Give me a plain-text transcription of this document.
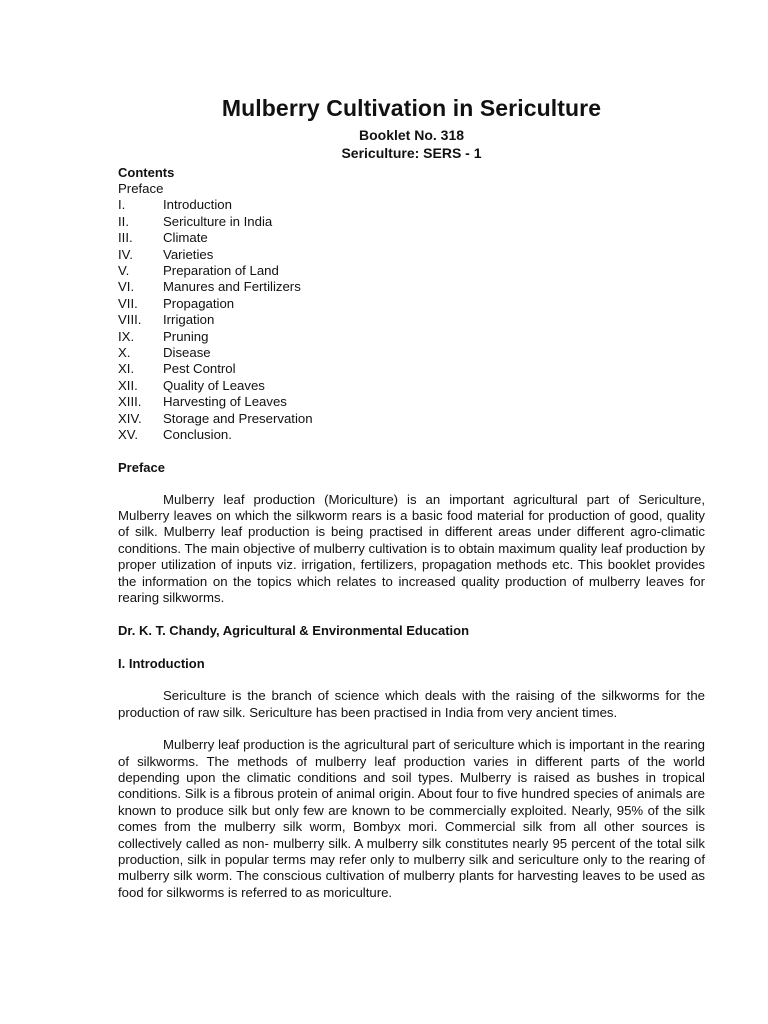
Mulberry Cultivation in Sericulture
Booklet No. 318
Sericulture: SERS - 1
Contents
Preface
I.	Introduction
II.	Sericulture in India
III.	Climate
IV.	Varieties
V.	Preparation of Land
VI.	Manures and Fertilizers
VII.	Propagation
VIII.	Irrigation
IX.	Pruning
X.	Disease
XI.	Pest Control
XII.	Quality of Leaves
XIII.	Harvesting of Leaves
XIV.	Storage and Preservation
XV.	Conclusion.
Preface

Mulberry leaf production (Moriculture) is an important agricultural part of Sericulture, Mulberry leaves on which the silkworm rears is a basic food material for production of good, quality of silk. Mulberry leaf production is being practised in different areas under different agro-climatic conditions. The main objective of mulberry cultivation is to obtain maximum quality leaf production by proper utilization of inputs viz. irrigation, fertilizers, propagation methods etc. This booklet provides the information on the topics which relates to increased quality production of mulberry leaves for rearing silkworms.

Dr. K. T. Chandy, Agricultural & Environmental Education
I. Introduction

Sericulture is the branch of science which deals with the raising of the silkworms for the production of raw silk. Sericulture has been practised in India from very ancient times.

Mulberry leaf production is the agricultural part of sericulture which is important in the rearing of silkworms. The methods of mulberry leaf production varies in different parts of the world depending upon the climatic conditions and soil types. Mulberry is raised as bushes in tropical conditions. Silk is a fibrous protein of animal origin. About four to five hundred species of animals are known to produce silk but only few are known to be commercially exploited. Nearly, 95% of the silk comes from the mulberry silk worm, Bombyx mori. Commercial silk from all other sources is collectively called as non- mulberry silk. A mulberry silk constitutes nearly 95 percent of the total silk production, silk in popular terms may refer only to mulberry silk and sericulture only to the rearing of mulberry silk worm. The conscious cultivation of mulberry plants for harvesting leaves to be used as food for silkworms is referred to as moriculture.
